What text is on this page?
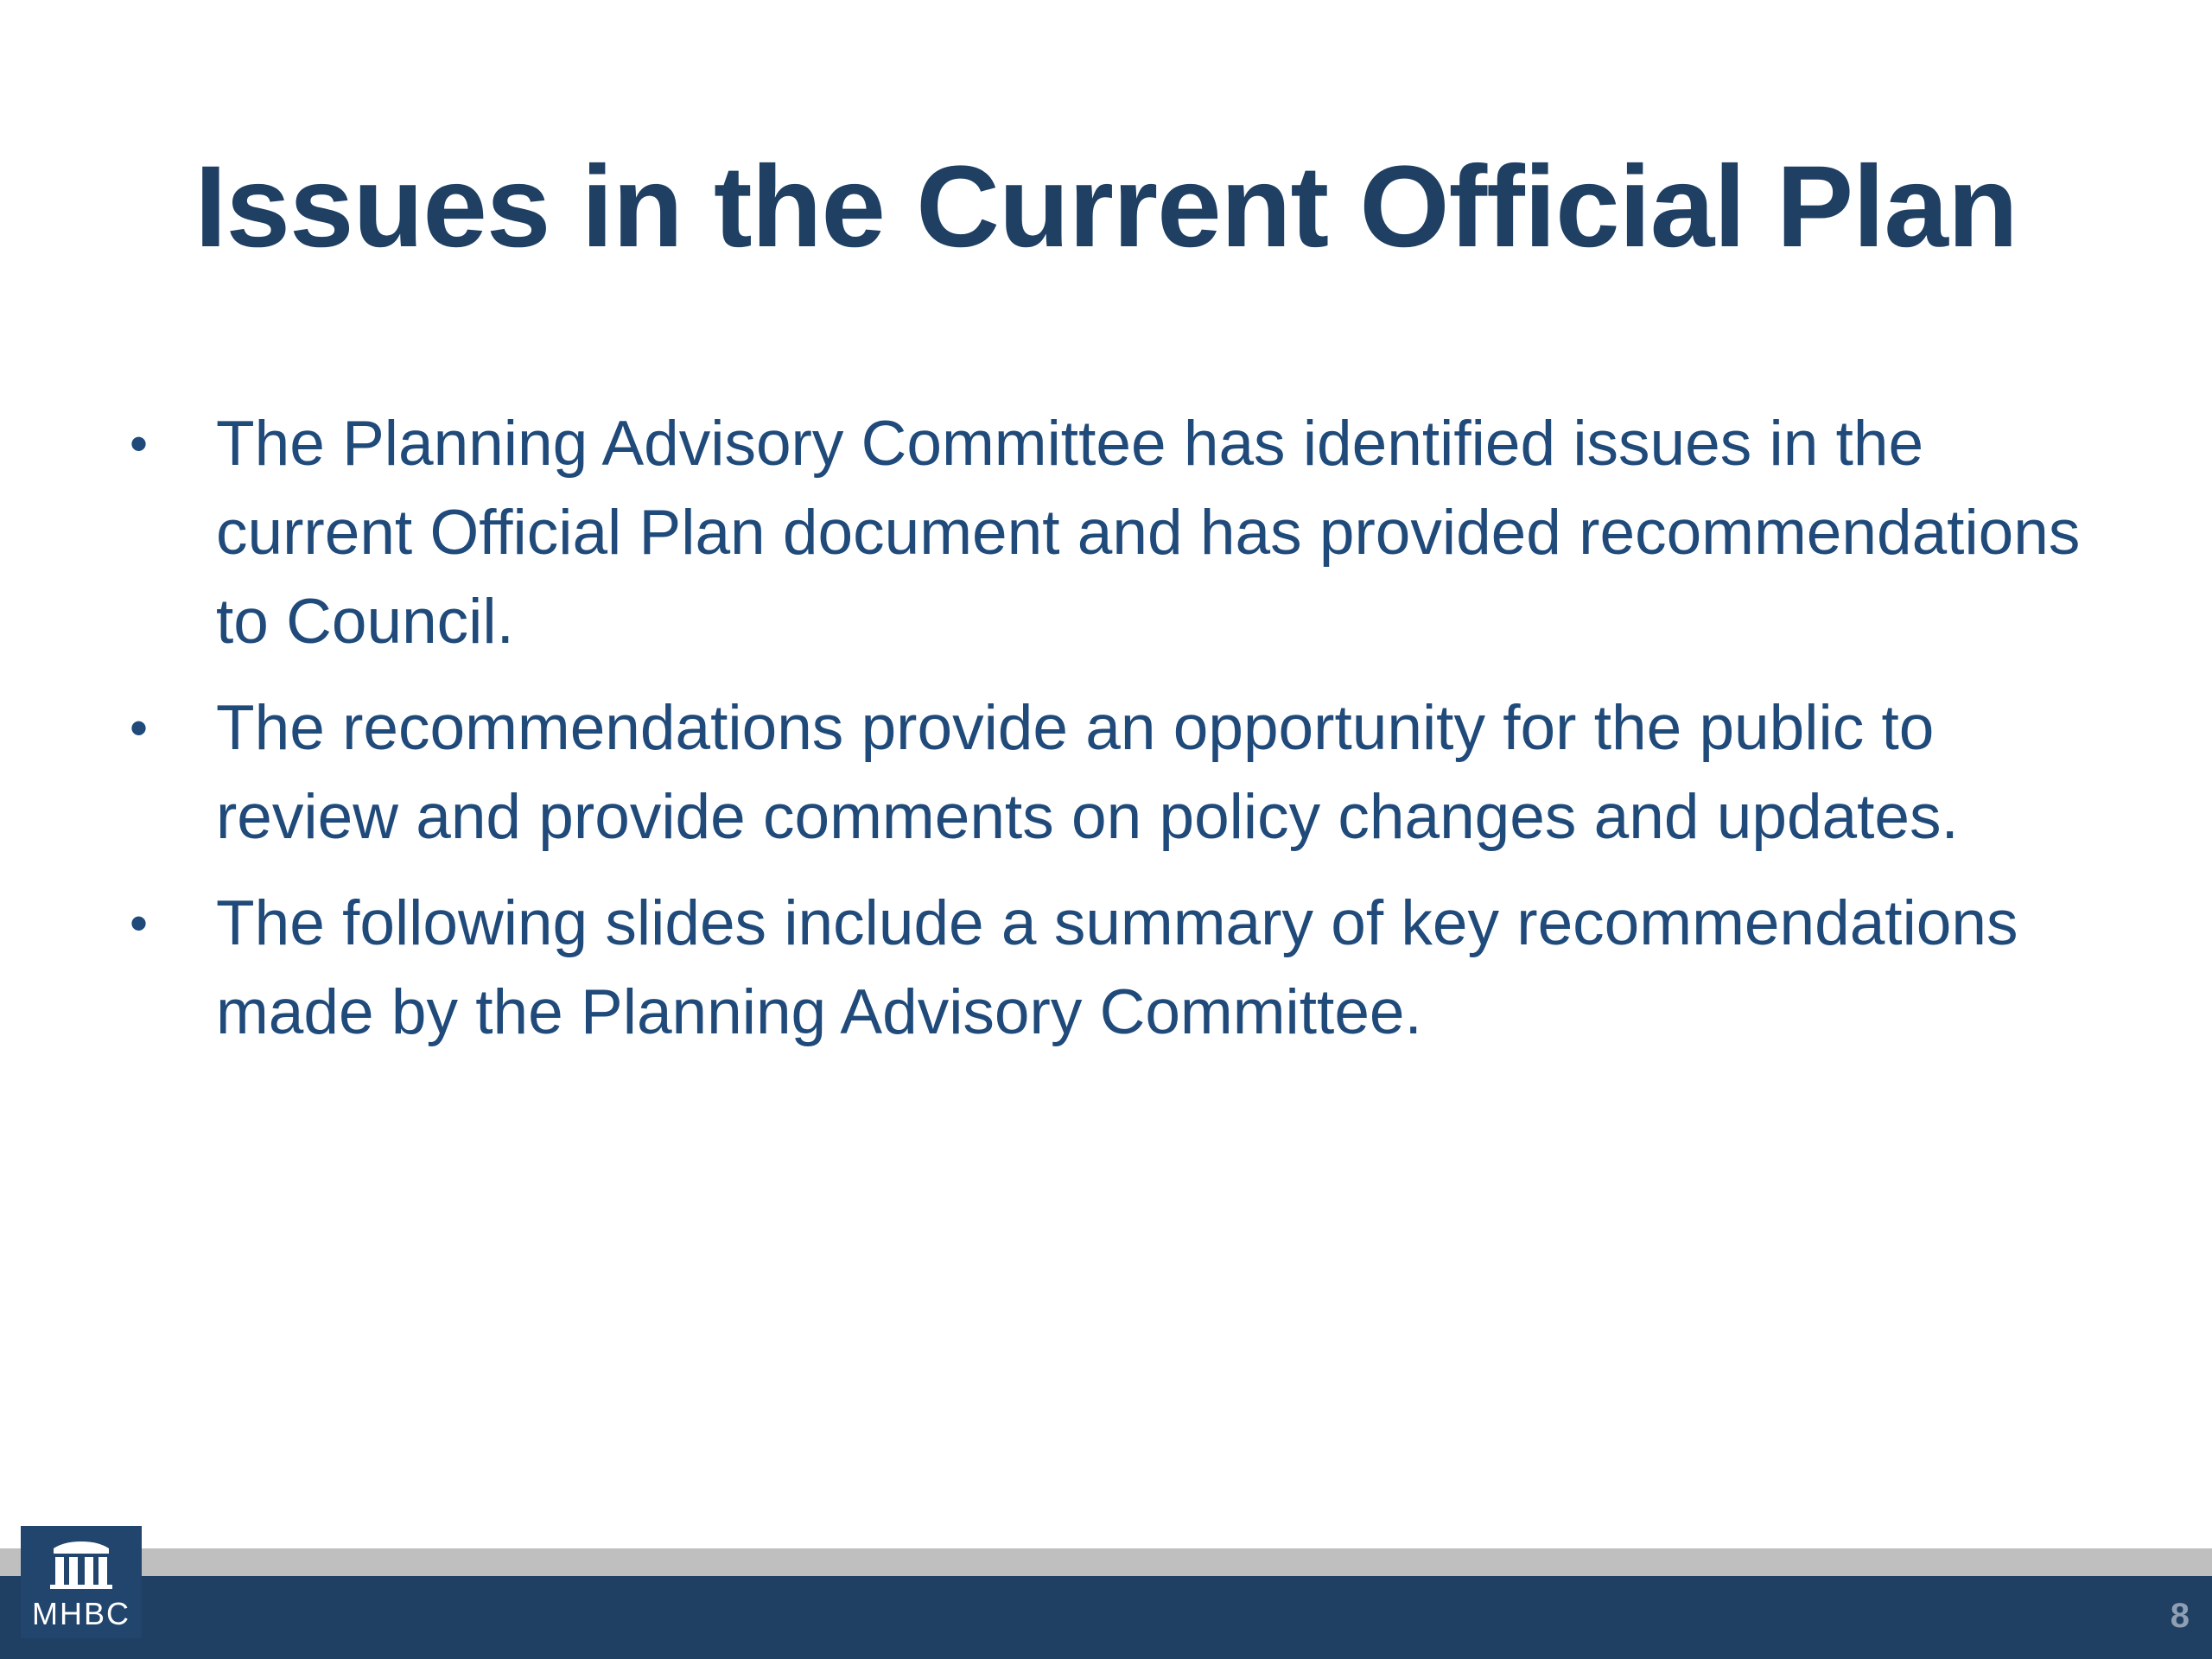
Issues in the Current Official Plan
•	The Planning Advisory Committee has identified issues in the current Official Plan document and has provided recommendations to Council.
•	The recommendations provide an opportunity for the public to review and provide comments on policy changes and updates.
•	The following slides include a summary of key recommendations made by the Planning Advisory Committee.
MHBC	8
